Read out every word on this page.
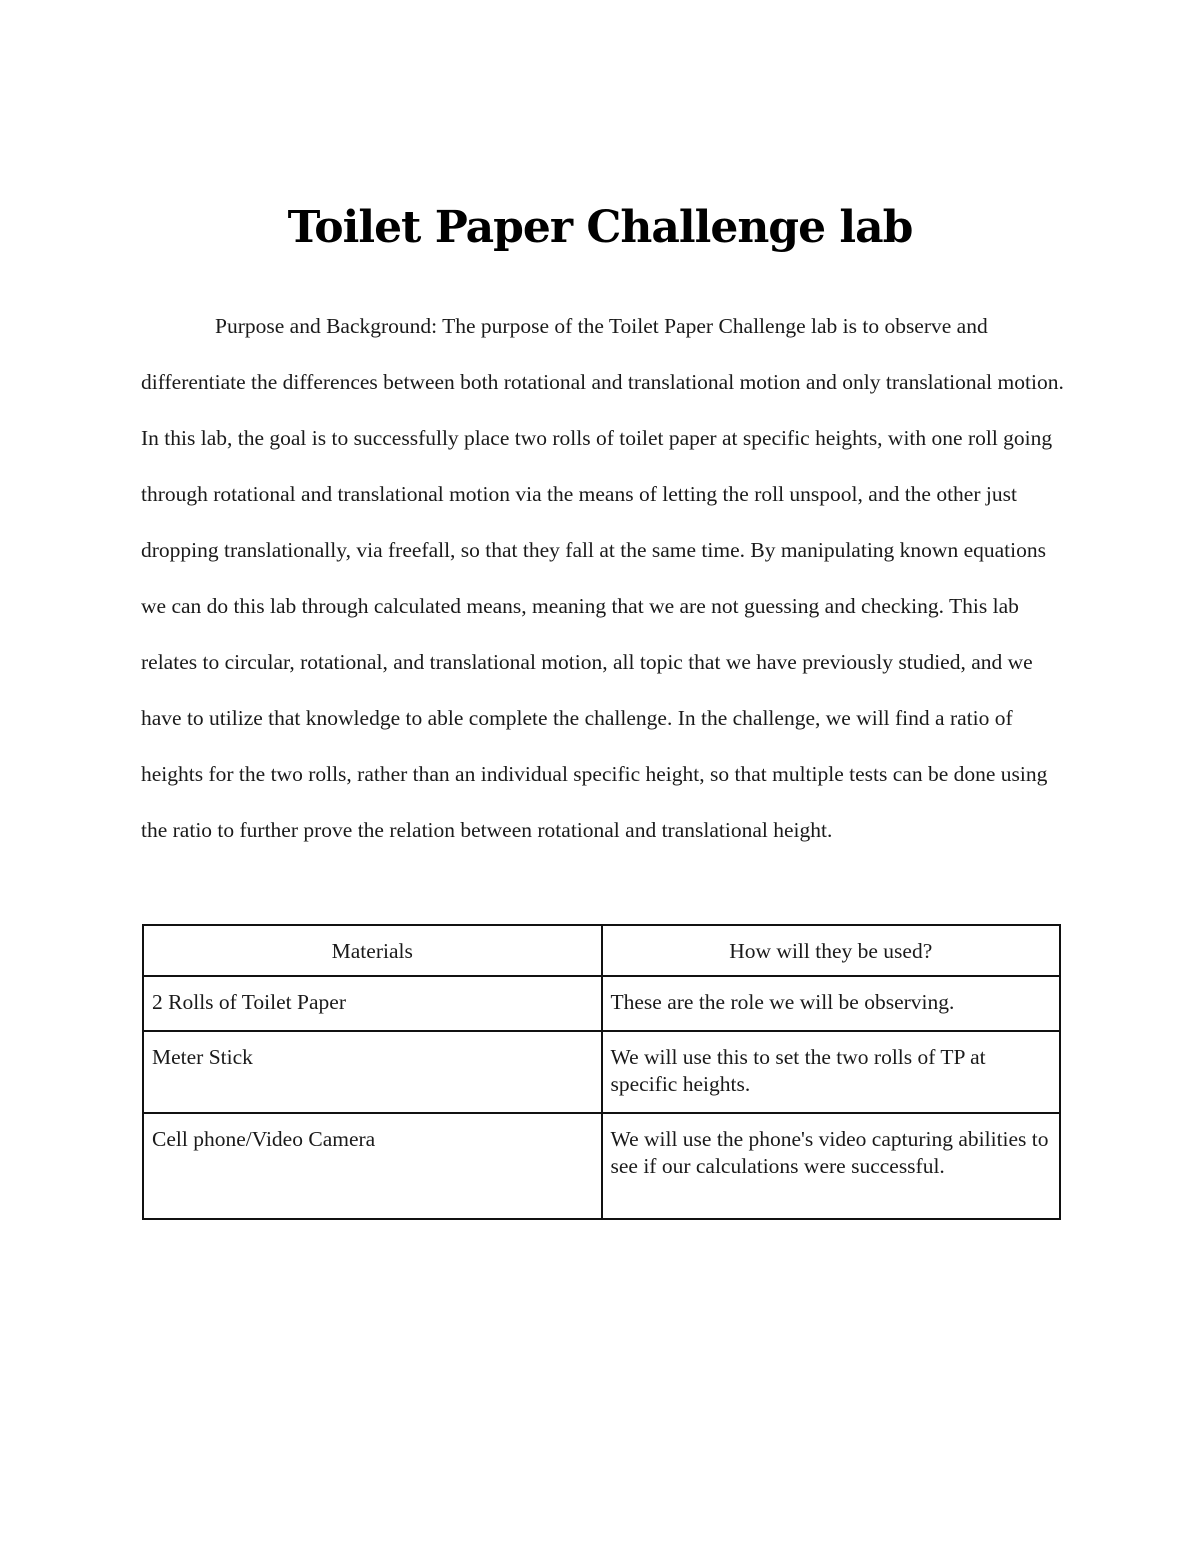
Toilet Paper Challenge lab

Purpose and Background: The purpose of the Toilet Paper Challenge lab is to observe and differentiate the differences between both rotational and translational motion and only translational motion. In this lab, the goal is to successfully place two rolls of toilet paper at specific heights, with one roll going through rotational and translational motion via the means of letting the roll unspool, and the other just dropping translationally, via freefall, so that they fall at the same time. By manipulating known equations we can do this lab through calculated means, meaning that we are not guessing and checking. This lab relates to circular, rotational, and translational motion, all topic that we have previously studied, and we have to utilize that knowledge to able complete the challenge. In the challenge, we will find a ratio of heights for the two rolls, rather than an individual specific height, so that multiple tests can be done using the ratio to further prove the relation between rotational and translational height.

Materials	How will they be used?
2 Rolls of Toilet Paper	These are the role we will be observing.
Meter Stick	We will use this to set the two rolls of TP at specific heights.
Cell phone/Video Camera	We will use the phone's video capturing abilities to see if our calculations were successful.
